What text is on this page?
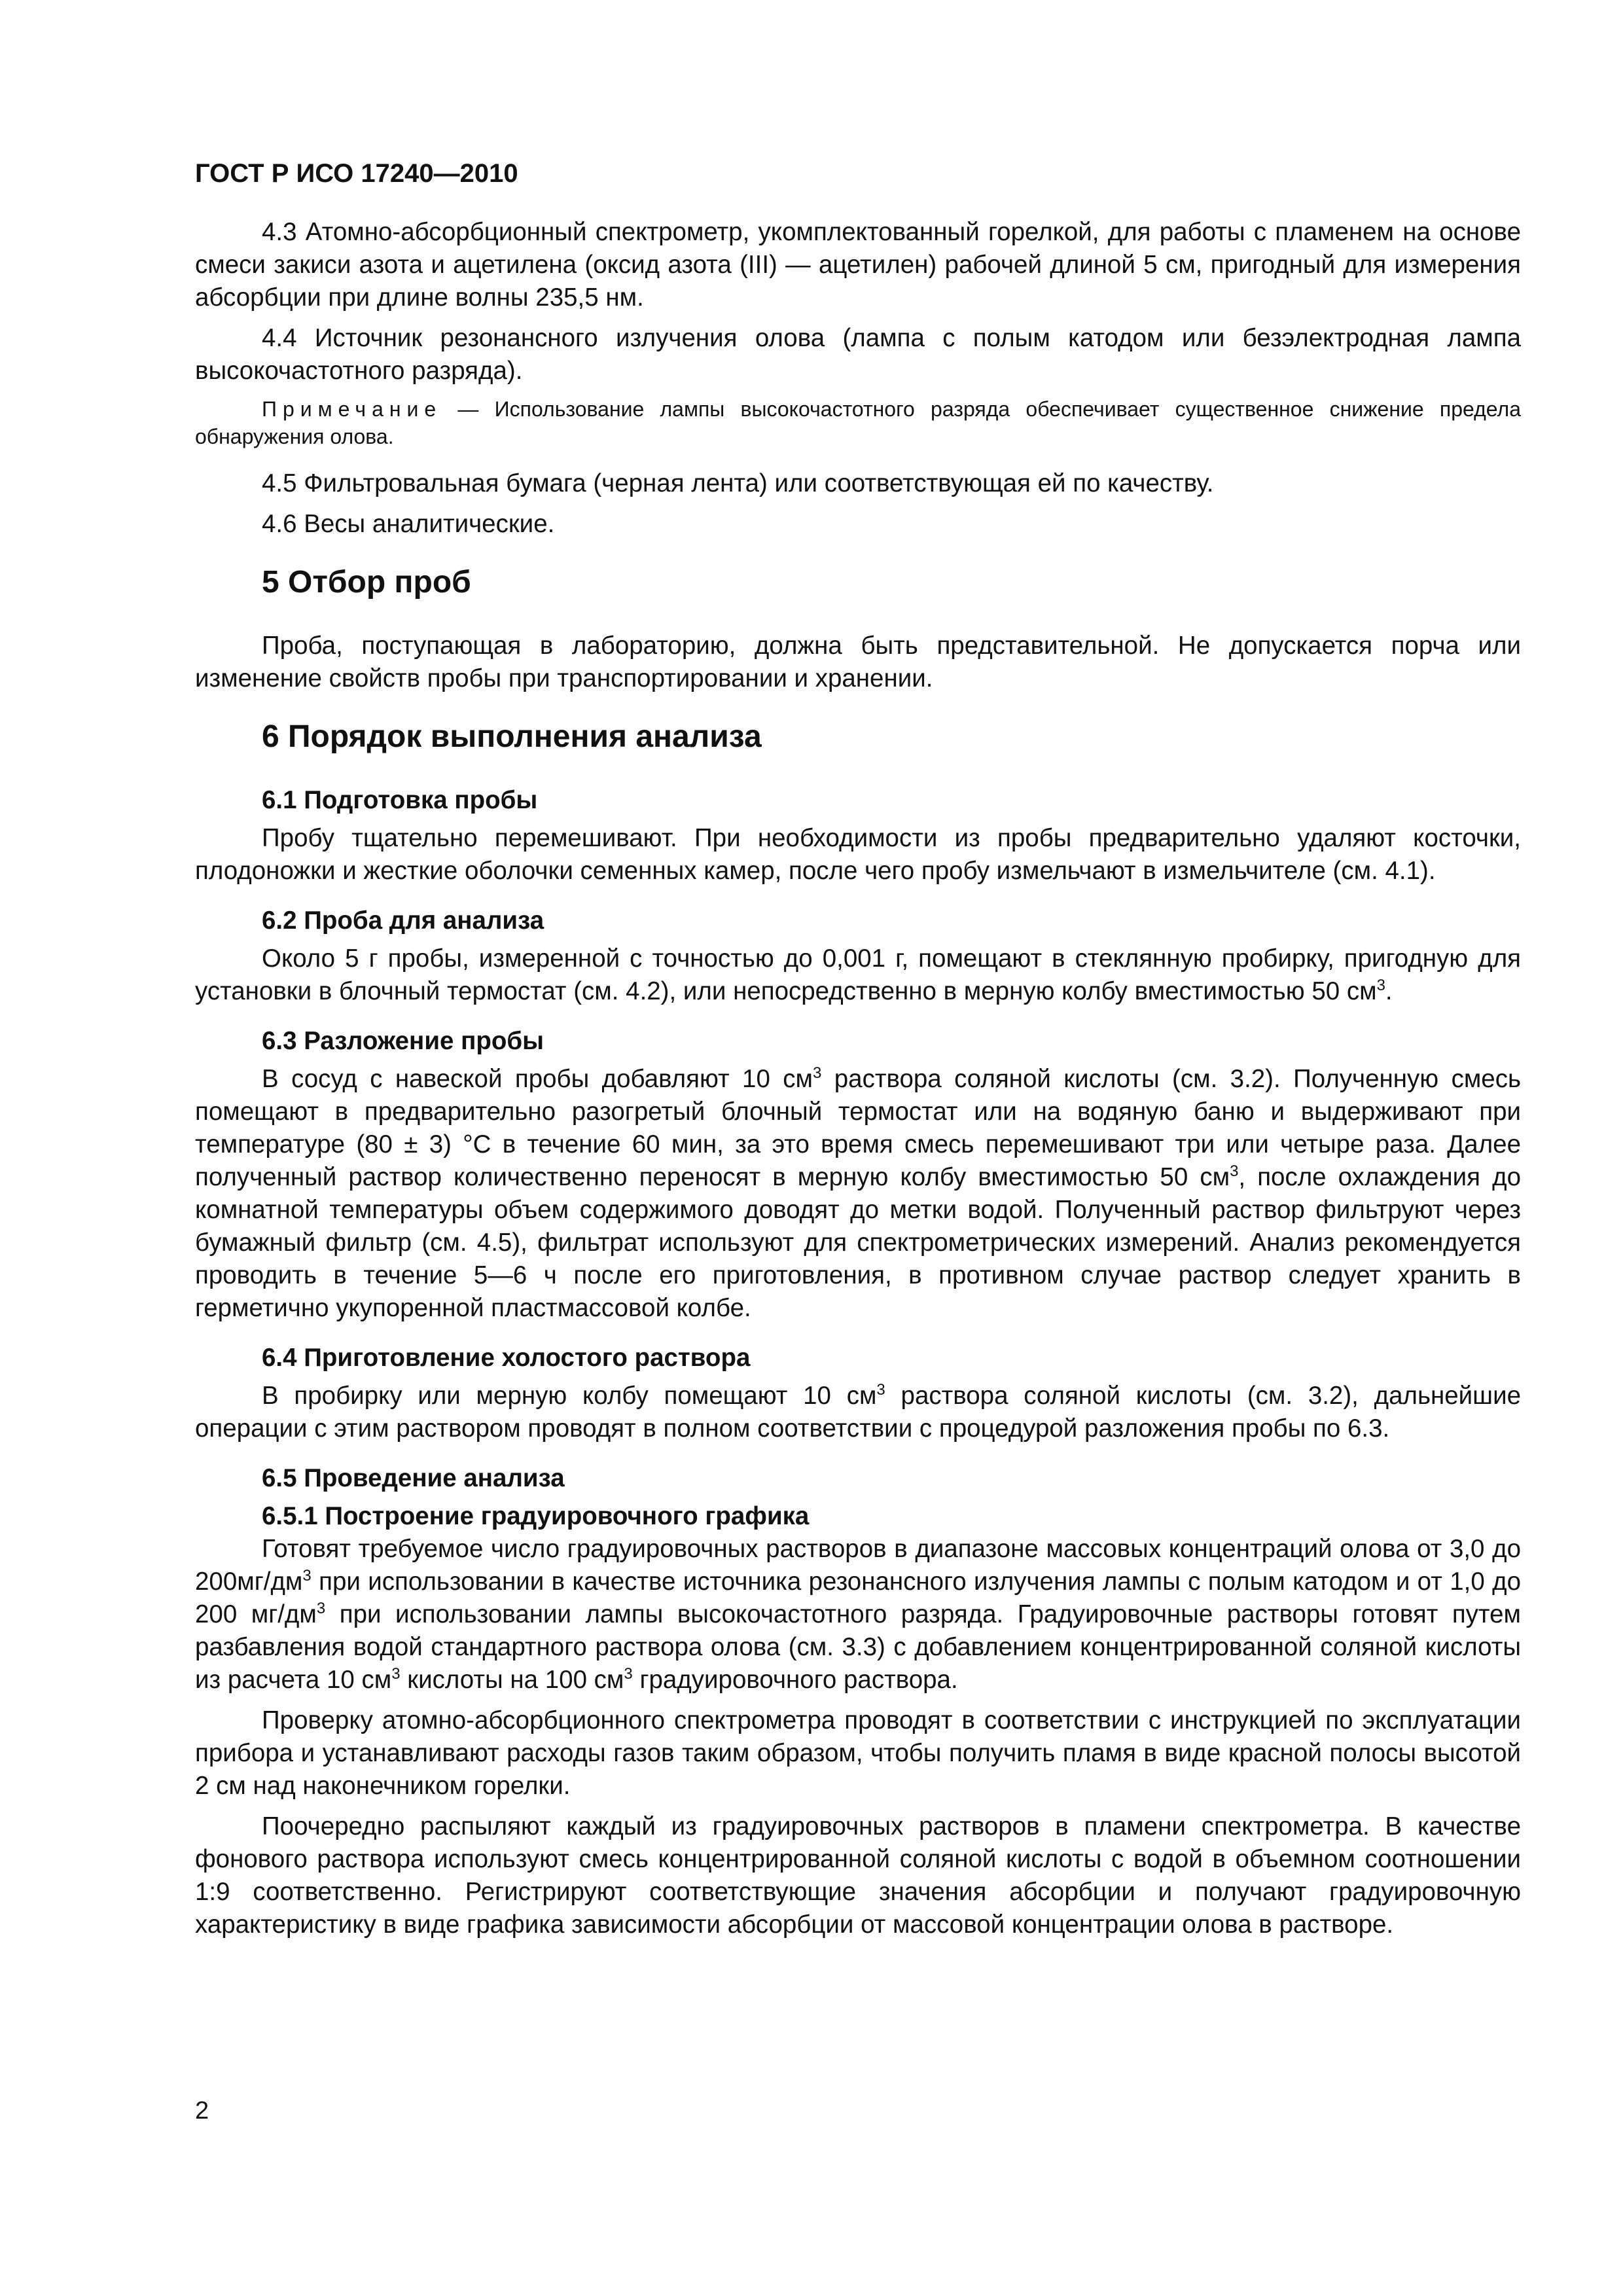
ГОСТ Р ИСО 17240—2010

4.3 Атомно-абсорбционный спектрометр, укомплектованный горелкой, для работы с пламенем на основе смеси закиси азота и ацетилена (оксид азота (III) — ацетилен) рабочей длиной 5 см, пригодный для измерения абсорбции при длине волны 235,5 нм.

4.4 Источник резонансного излучения олова (лампа с полым катодом или безэлектродная лампа высокочастотного разряда).

Примечание — Использование лампы высокочастотного разряда обеспечивает существенное снижение предела обнаружения олова.

4.5 Фильтровальная бумага (черная лента) или соответствующая ей по качеству.

4.6 Весы аналитические.

5 Отбор проб

Проба, поступающая в лабораторию, должна быть представительной. Не допускается порча или изменение свойств пробы при транспортировании и хранении.

6 Порядок выполнения анализа
6.1 Подготовка пробы

Пробу тщательно перемешивают. При необходимости из пробы предварительно удаляют косточки, плодоножки и жесткие оболочки семенных камер, после чего пробу измельчают в измельчителе (см. 4.1).

6.2 Проба для анализа

Около 5 г пробы, измеренной с точностью до 0,001 г, помещают в стеклянную пробирку, пригодную для установки в блочный термостат (см. 4.2), или непосредственно в мерную колбу вместимостью 50 $см^3$.

6.3 Разложение пробы

В сосуд с навеской пробы добавляют 10 $см^3$ раствора соляной кислоты (см. 3.2). Полученную смесь помещают в предварительно разогретый блочный термостат или на водяную баню и выдерживают при температуре (80 ± 3) °С в течение 60 мин, за это время смесь перемешивают три или четыре раза. Далее полученный раствор количественно переносят в мерную колбу вместимостью 50 $см^3$, после охлаждения до комнатной температуры объем содержимого доводят до метки водой. Полученный раствор фильтруют через бумажный фильтр (см. 4.5), фильтрат используют для спектрометрических измерений. Анализ рекомендуется проводить в течение 5—6 ч после его приготовления, в противном случае раствор следует хранить в герметично укупоренной пластмассовой колбе.

6.4 Приготовление холостого раствора

В пробирку или мерную колбу помещают 10 $см^3$ раствора соляной кислоты (см. 3.2), дальнейшие операции с этим раствором проводят в полном соответствии с процедурой разложения пробы по 6.3.

6.5 Проведение анализа
6.5.1 Построение градуировочного графика

Готовят требуемое число градуировочных растворов в диапазоне массовых концентраций олова от 3,0 до $200мг/дм^3$ при использовании в качестве источника резонансного излучения лампы с полым катодом и от 1,0 до 200 $мг/дм^3$ при использовании лампы высокочастотного разряда. Градуировочные растворы готовят путем разбавления водой стандартного раствора олова (см. 3.3) с добавлением концентрированной соляной кислоты из расчета 10 $см^3$ кислоты на 100 $см^3$ градуировочного раствора.

Проверку атомно-абсорбционного спектрометра проводят в соответствии с инструкцией по эксплуатации прибора и устанавливают расходы газов таким образом, чтобы получить пламя в виде красной полосы высотой 2 см над наконечником горелки.

Поочередно распыляют каждый из градуировочных растворов в пламени спектрометра. В качестве фонового раствора используют смесь концентрированной соляной кислоты с водой в объемном соотношении 1:9 соответственно. Регистрируют соответствующие значения абсорбции и получают градуировочную характеристику в виде графика зависимости абсорбции от массовой концентрации олова в растворе.

2
